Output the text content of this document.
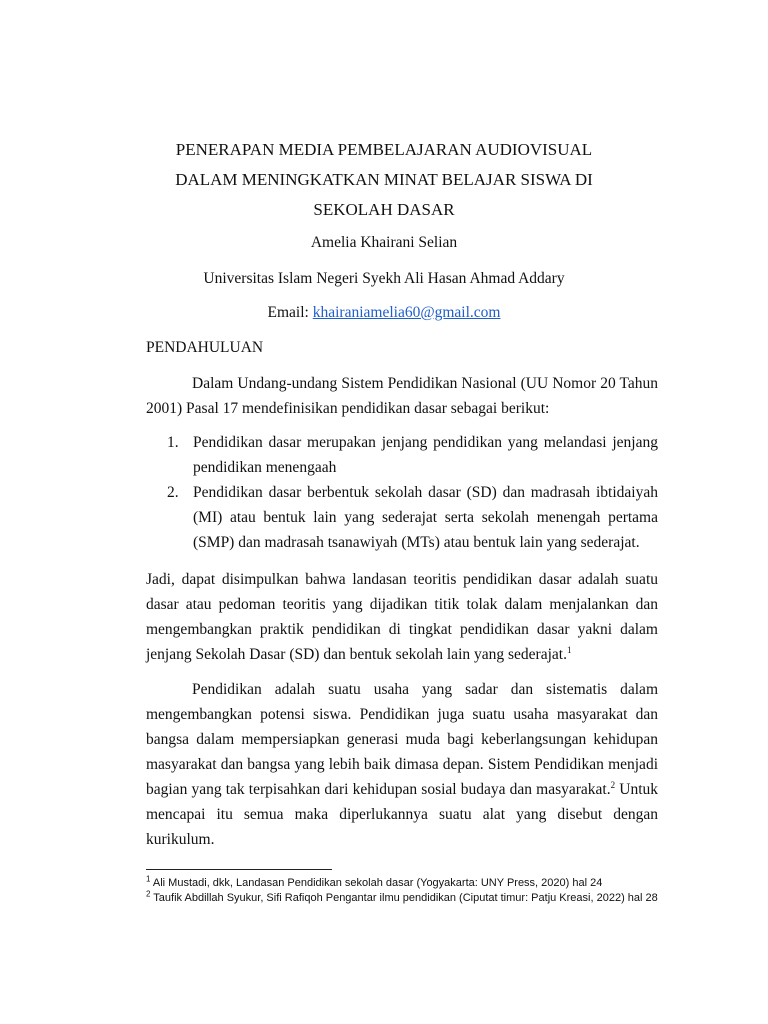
PENERAPAN MEDIA PEMBELAJARAN AUDIOVISUAL
DALAM MENINGKATKAN MINAT BELAJAR SISWA DI
SEKOLAH DASAR
Amelia Khairani Selian
Universitas Islam Negeri Syekh Ali Hasan Ahmad Addary
Email: khairaniamelia60@gmail.com
PENDAHULUAN

Dalam Undang-undang Sistem Pendidikan Nasional (UU Nomor 20 Tahun 2001) Pasal 17 mendefinisikan pendidikan dasar sebagai berikut:

1. Pendidikan dasar merupakan jenjang pendidikan yang melandasi jenjang pendidikan menengaah
2. Pendidikan dasar berbentuk sekolah dasar (SD) dan madrasah ibtidaiyah (MI) atau bentuk lain yang sederajat serta sekolah menengah pertama (SMP) dan madrasah tsanawiyah (MTs) atau bentuk lain yang sederajat.

Jadi, dapat disimpulkan bahwa landasan teoritis pendidikan dasar adalah suatu dasar atau pedoman teoritis yang dijadikan titik tolak dalam menjalankan dan mengembangkan praktik pendidikan di tingkat pendidikan dasar yakni dalam jenjang Sekolah Dasar (SD) dan bentuk sekolah lain yang sederajat.$^1$

Pendidikan adalah suatu usaha yang sadar dan sistematis dalam mengembangkan potensi siswa. Pendidikan juga suatu usaha masyarakat dan bangsa dalam mempersiapkan generasi muda bagi keberlangsungan kehidupan masyarakat dan bangsa yang lebih baik dimasa depan. Sistem Pendidikan menjadi bagian yang tak terpisahkan dari kehidupan sosial budaya dan masyarakat.$^2$ Untuk mencapai itu semua maka diperlukannya suatu alat yang disebut dengan kurikulum.

$^1$ Ali Mustadi, dkk, Landasan Pendidikan sekolah dasar (Yogyakarta: UNY Press, 2020) hal 24

$^2$ Taufik Abdillah Syukur, Sifi Rafiqoh Pengantar ilmu pendidikan (Ciputat timur: Patju Kreasi, 2022) hal 28
